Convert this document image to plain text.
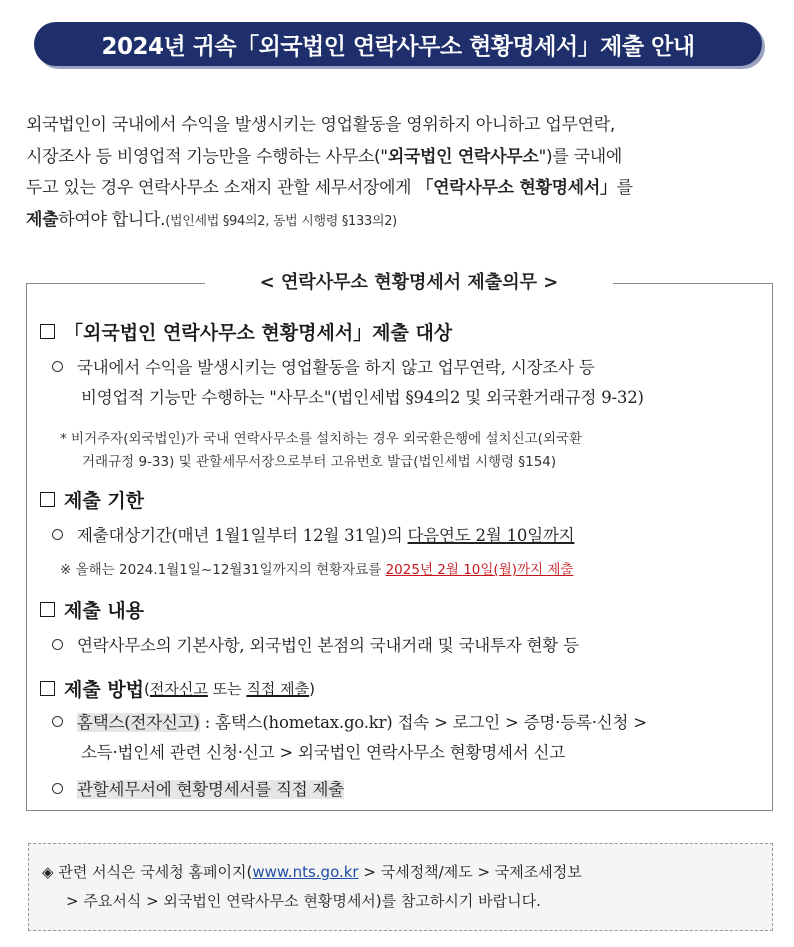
2024년 귀속「외국법인 연락사무소 현황명세서」제출 안내
외국법인이 국내에서 수익을 발생시키는 영업활동을 영위하지 아니하고 업무연락,
시장조사 등 비영업적 기능만을 수행하는 사무소("외국법인 연락사무소")를 국내에
두고 있는 경우 연락사무소 소재지 관할 세무서장에게 「연락사무소 현황명세서」를
제출하여야 합니다.(법인세법 §94의2, 동법 시행령 §133의2)
< 연락사무소 현황명세서 제출의무 >
「외국법인 연락사무소 현황명세서」제출 대상
국내에서 수익을 발생시키는 영업활동을 하지 않고 업무연락, 시장조사 등
비영업적 기능만 수행하는 "사무소"(법인세법 §94의2 및 외국환거래규정 9-32)
* 비거주자(외국법인)가 국내 연락사무소를 설치하는 경우 외국환은행에 설치신고(외국환
거래규정 9-33) 및 관할세무서장으로부터 고유번호 발급(법인세법 시행령 §154)
제출 기한
제출대상기간(매년 1월1일부터 12월 31일)의 다음연도 2월 10일까지
※ 올해는 2024.1월1일~12월31일까지의 현황자료를 2025년 2월 10일(월)까지 제출
제출 내용
연락사무소의 기본사항, 외국법인 본점의 국내거래 및 국내투자 현황 등
제출 방법 ( 전자신고 또는 직접 제출 )
홈택스(전자신고) : 홈택스(hometax.go.kr) 접속 > 로그인 > 증명·등록·신청 >
소득·법인세 관련 신청·신고 > 외국법인 연락사무소 현황명세서 신고
관할세무서에 현황명세서를 직접 제출
◈ 관련 서식은 국세청 홈페이지(www.nts.go.kr > 국세정책/제도 > 국제조세정보
> 주요서식 > 외국법인 연락사무소 현황명세서)를 참고하시기 바랍니다.
